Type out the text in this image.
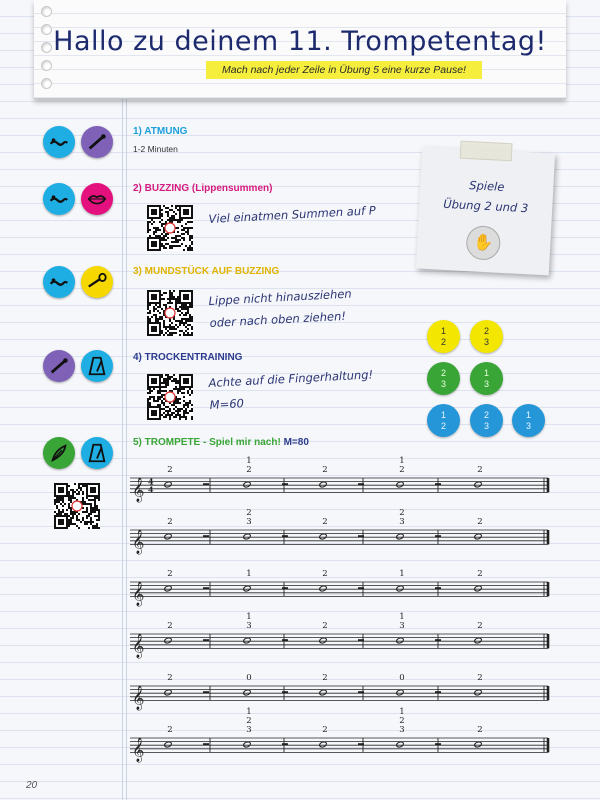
Hallo zu deinem 11. Trompetentag!
Mach nach jeder Zeile in Übung 5 eine kurze Pause!
1) ATMUNG
1-2 Minuten
2) BUZZING (Lippensummen)
Viel einatmen Summen auf P
3) MUNDSTÜCK AUF BUZZING
Lippe nicht hinausziehen
oder nach oben ziehen!
4) TROCKENTRAINING
Achte auf die Fingerhaltung!
M=60
5) TROMPETE - Spiel mir nach! M=80
Spiele
Übung 2 und 3
✋
1
2
2
3
2
3
1
3
1
2
2
3
1
3
𝄞 4
4
2
1
2	2
1
2	2
𝄞
2
2
3	2
2
3	2
𝄞
2	1	2	1	2
𝄞
2
1
3	2
1
3	2
𝄞
2	0	2	0	2
𝄞
2
1
2
3	2
1
2
3	2
20
